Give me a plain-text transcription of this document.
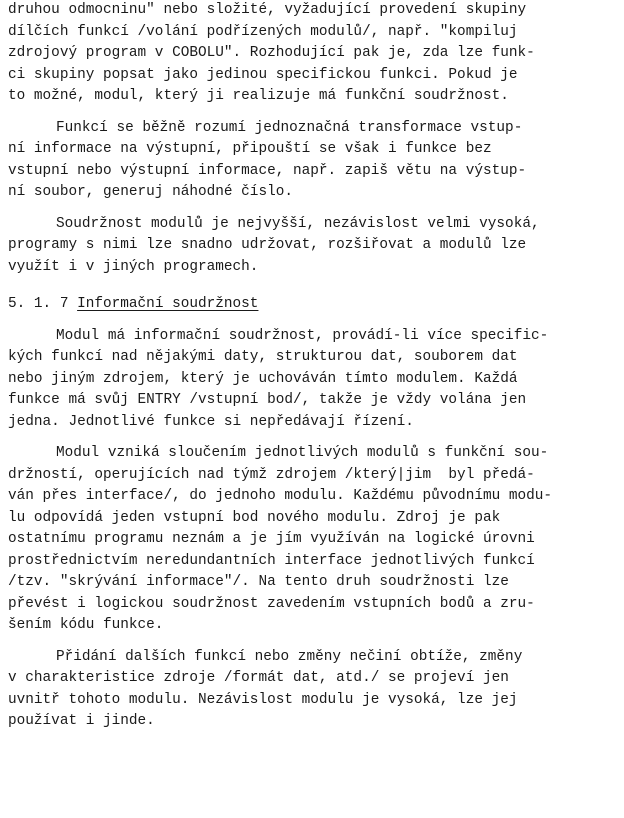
druhou odmocninu" nebo složité, vyžadující provedení skupiny
dílčích funkcí /volání podřízených modulů/, např. "kompiluj
zdrojový program v COBOLU". Rozhodující pak je, zda lze funk-
ci skupiny popsat jako jedinou specifickou funkci. Pokud je
to možné, modul, který ji realizuje má funkční soudržnost.
Funkcí se běžně rozumí jednoznačná transformace vstup-
ní informace na výstupní, připouští se však i funkce bez
vstupní nebo výstupní informace, např. zapiš větu na výstup-
ní soubor, generuj náhodné číslo.
Soudržnost modulů je nejvyšší, nezávislost velmi vysoká,
programy s nimi lze snadno udržovat, rozšiřovat a modulů lze
využít i v jiných programech.
5. 1. 7 Informační soudržnost
Modul má informační soudržnost, provádí-li více specific-
kých funkcí nad nějakými daty, strukturou dat, souborem dat
nebo jiným zdrojem, který je uchováván tímto modulem. Každá
funkce má svůj ENTRY /vstupní bod/, takže je vždy volána jen
jedna. Jednotlivé funkce si nepředávají řízení.
Modul vzniká sloučením jednotlivých modulů s funkční sou-
držností, operujících nad týmž zdrojem /který|jim  byl předá-
ván přes interface/, do jednoho modulu. Každému původnímu modu-
lu odpovídá jeden vstupní bod nového modulu. Zdroj je pak
ostatnímu programu neznám a je jím využíván na logické úrovni
prostřednictvím neredundantních interface jednotlivých funkcí
/tzv. "skrývání informace"/. Na tento druh soudržnosti lze
převést i logickou soudržnost zavedením vstupních bodů a zru-
šením kódu funkce.
Přidání dalších funkcí nebo změny nečiní obtíže, změny
v charakteristice zdroje /formát dat, atd./ se projeví jen
uvnitř tohoto modulu. Nezávislost modulu je vysoká, lze jej
používat i jinde.
